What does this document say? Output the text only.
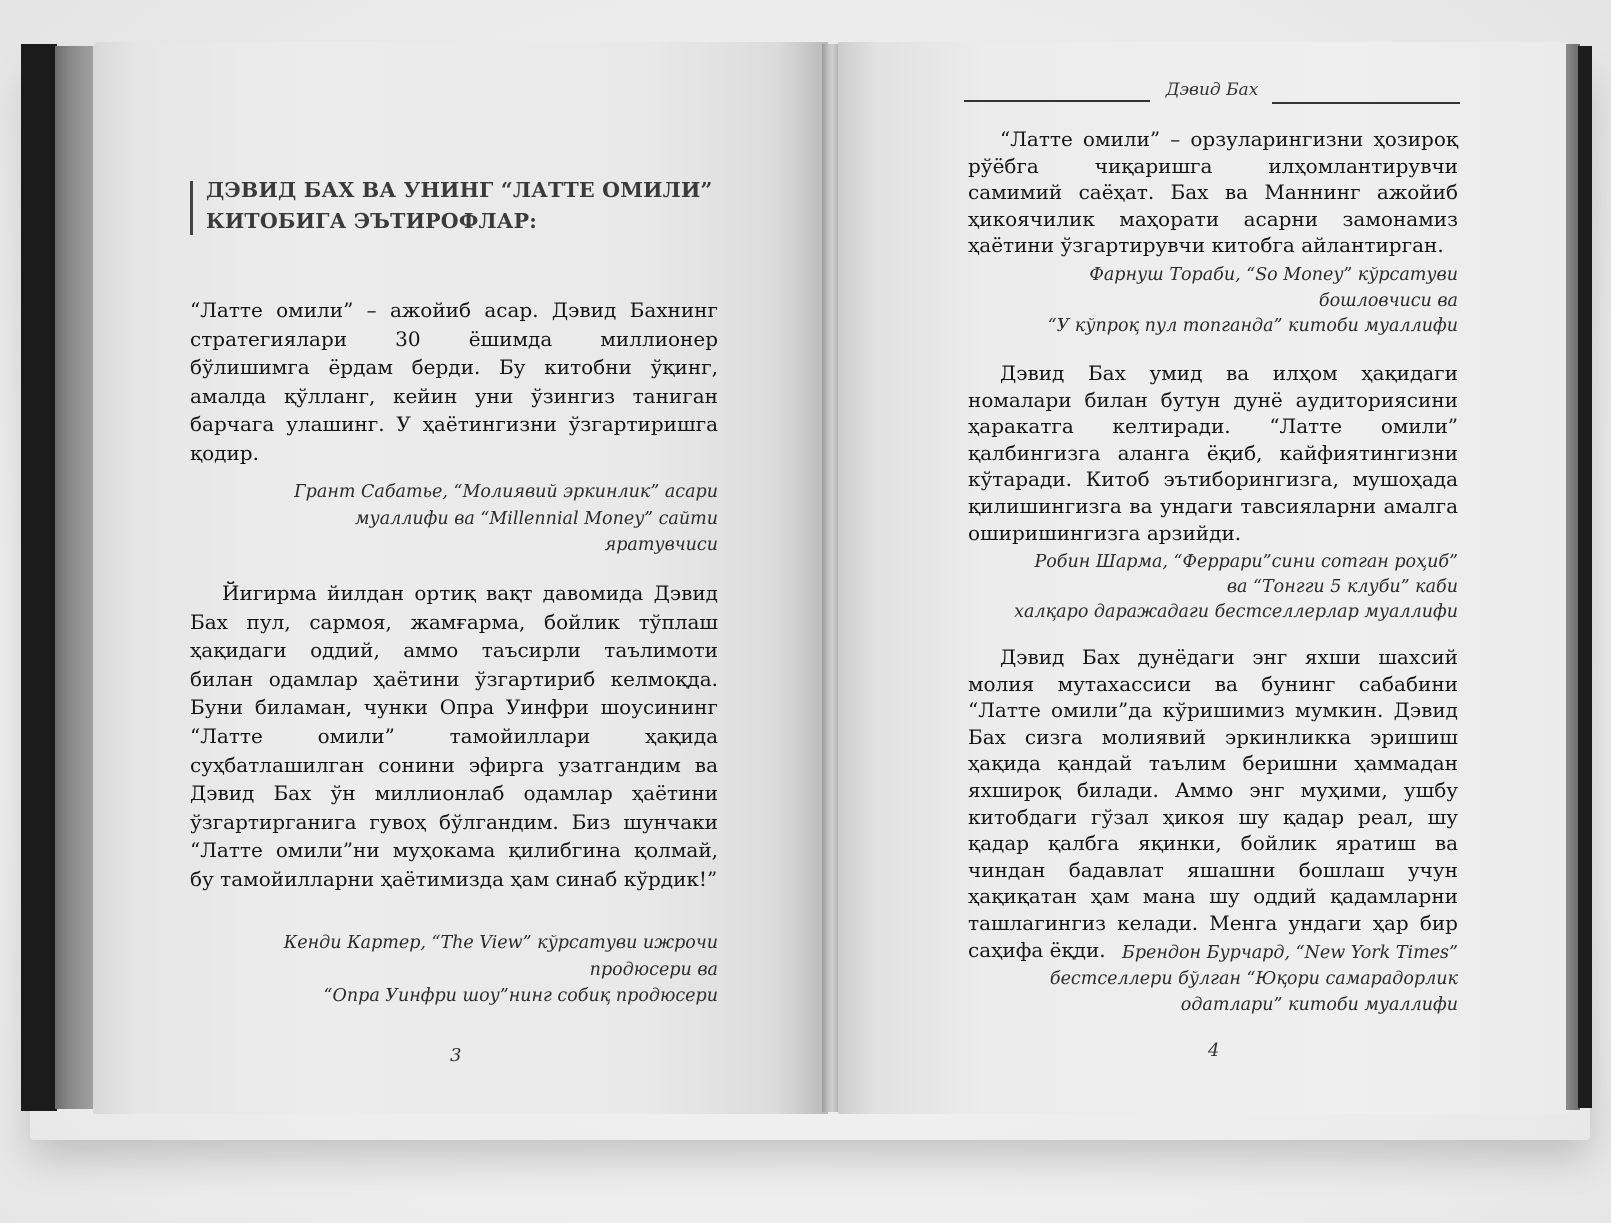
ДЭВИД БАХ ВА УНИНГ “ЛАТТЕ ОМИЛИ”
КИТОБИГА ЭЪТИРОФЛАР:

“Латте омили” – ажойиб асар. Дэвид Бахнинг стратегиялари 30 ёшимда миллионер бўлишимга ёрдам берди. Бу китобни ўқинг, амалда қўлланг, кейин уни ўзингиз таниган барчага улашинг. У ҳаётингизни ўзгартиришга қодир.

Грант Сабатье, “Молиявий эркинлик” асари
муаллифи ва “Millennial Money” сайти
яратувчиси

Йигирма йилдан ортиқ вақт давомида Дэвид Бах пул, сармоя, жамғарма, бойлик тўплаш ҳақидаги оддий, аммо таъсирли таълимоти билан одамлар ҳаётини ўзгартириб келмоқда. Буни биламан, чунки Опра Уинфри шоусининг “Латте омили” тамойиллари ҳақида суҳбатлашилган сонини эфирга узатгандим ва Дэвид Бах ўн миллионлаб одамлар ҳаётини ўзгартирганига гувоҳ бўлгандим. Биз шунчаки “Латте омили”ни муҳокама қилибгина қолмай, бу тамойилларни ҳаётимизда ҳам синаб кўрдик!”

Кенди Картер, “The View” кўрсатуви ижрочи
продюсери ва
“Опра Уинфри шоу”нинг собиқ продюсери
3
Дэвид Бах

“Латте омили” – орзуларингизни ҳозироқ рўёбга чиқаришга илҳомлантирувчи самимий саёҳат. Бах ва Маннинг ажойиб ҳикоячилик маҳорати асарни замонамиз ҳаётини ўзгартирувчи китобга айлантирган.

Фарнуш Тораби, “So Money” кўрсатуви
бошловчиси ва
“У кўпроқ пул топганда” китоби муаллифи

Дэвид Бах умид ва илҳом ҳақидаги номалари билан бутун дунё аудиториясини ҳаракатга келтиради. “Латте омили” қалбингизга аланга ёқиб, кайфиятингизни кўтаради. Китоб эътиборингизга, мушоҳада қилишингизга ва ундаги тавсияларни амалга оширишингизга арзийди.

Робин Шарма, “Феррари”сини сотган роҳиб”
ва “Тонгги 5 клуби” каби
халқаро даражадаги бестселлерлар муаллифи

Дэвид Бах дунёдаги энг яхши шахсий молия мутахассиси ва бунинг сабабини “Латте омили”да кўришимиз мумкин. Дэвид Бах сизга молиявий эркинликка эришиш ҳақида қандай таълим беришни ҳаммадан яхшироқ билади. Аммо энг муҳими, ушбу китобдаги гўзал ҳикоя шу қадар реал, шу қадар қалбга яқинки, бойлик яратиш ва чиндан бадавлат яшашни бошлаш учун ҳақиқатан ҳам мана шу оддий қадамларни ташлагингиз келади. Менга ундаги ҳар бир саҳифа ёқди. Брендон Бурчард, “New York Times”
бестселлери бўлган “Юқори самарадорлик
одатлари” китоби муаллифи
4
